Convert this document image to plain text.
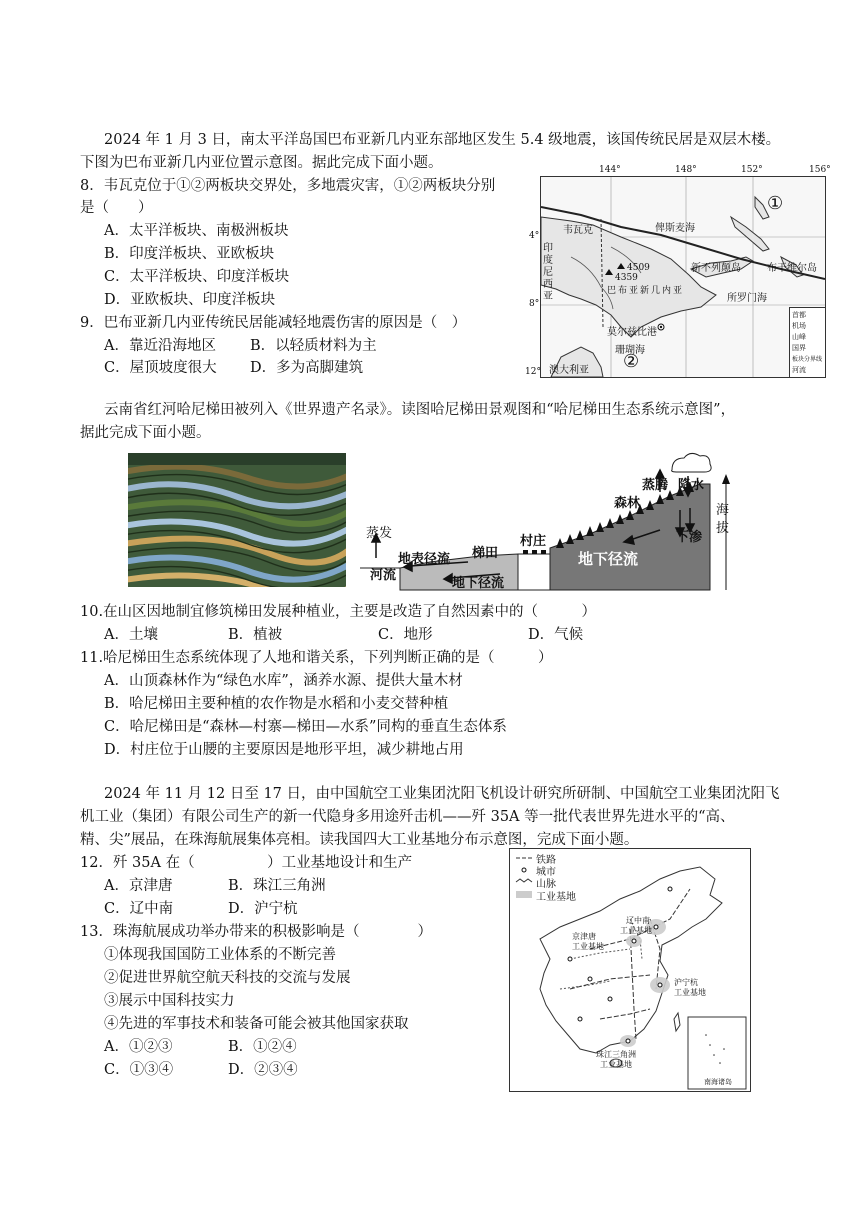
2024 年 1 月 3 日，南太平洋岛国巴布亚新几内亚东部地区发生 5.4 级地震，该国传统民居是双层木楼。
下图为巴布亚新几内亚位置示意图。据此完成下面小题。
8．韦瓦克位于①②两板块交界处，多地震灾害，①②两板块分别
是（　　）
A．太平洋板块、南极洲板块
B．印度洋板块、亚欧板块
C．太平洋板块、印度洋板块
D．亚欧板块、印度洋板块
9．巴布亚新几内亚传统民居能减轻地震伤害的原因是（　）
A．靠近沿海地区 B．以轻质材料为主
C．屋顶坡度很大 D．多为高脚建筑
144°	148°	152°	156°
4°
8°
12°
①
②
韦瓦克	俾斯麦海
新不列颠岛	布干维尔岛
所罗门海
印度尼西亚
4509
4359
巴布亚新几内亚
莫尔兹比港
珊瑚海
澳大利亚
首都
机场
山峰
国界
板块分界线
河流
云南省红河哈尼梯田被列入《世界遗产名录》。读图哈尼梯田景观图和“哈尼梯田生态系统示意图”，
据此完成下面小题。
蒸发
河流
地表径流 梯田
地下径流
村庄
森林
蒸腾 降水
下渗
地下径流
海拔
10.在山区因地制宜修筑梯田发展种植业，主要是改造了自然因素中的（　　　）
A．土壤	B．植被	C．地形	D．气候
11.哈尼梯田生态系统体现了人地和谐关系，下列判断正确的是（　　　）
A．山顶森林作为“绿色水库”，涵养水源、提供大量木材
B．哈尼梯田主要种植的农作物是水稻和小麦交替种植
C．哈尼梯田是“森林—村寨—梯田—水系”同构的垂直生态体系
D．村庄位于山腰的主要原因是地形平坦，减少耕地占用
2024 年 11 月 12 日至 17 日，由中国航空工业集团沈阳飞机设计研究所研制、中国航空工业集团沈阳飞
机工业（集团）有限公司生产的新一代隐身多用途歼击机——歼 35A 等一批代表世界先进水平的“高、
精、尖”展品，在珠海航展集体亮相。读我国四大工业基地分布示意图，完成下面小题。
12．歼 35A 在（　　　　　）工业基地设计和生产
A．京津唐	B．珠江三角洲
C．辽中南	D．沪宁杭
13．珠海航展成功举办带来的积极影响是（　　　　）
①体现我国国防工业体系的不断完善
②促进世界航空航天科技的交流与发展
③展示中国科技实力
④先进的军事技术和装备可能会被其他国家获取
A．①②③	B．①②④
C．①③④	D．②③④
铁路
城市
山脉
工业基地
辽中南
工业基地
京津唐
工业基地
沪宁杭
工业基地
珠江三角洲
工业基地
南海诸岛
